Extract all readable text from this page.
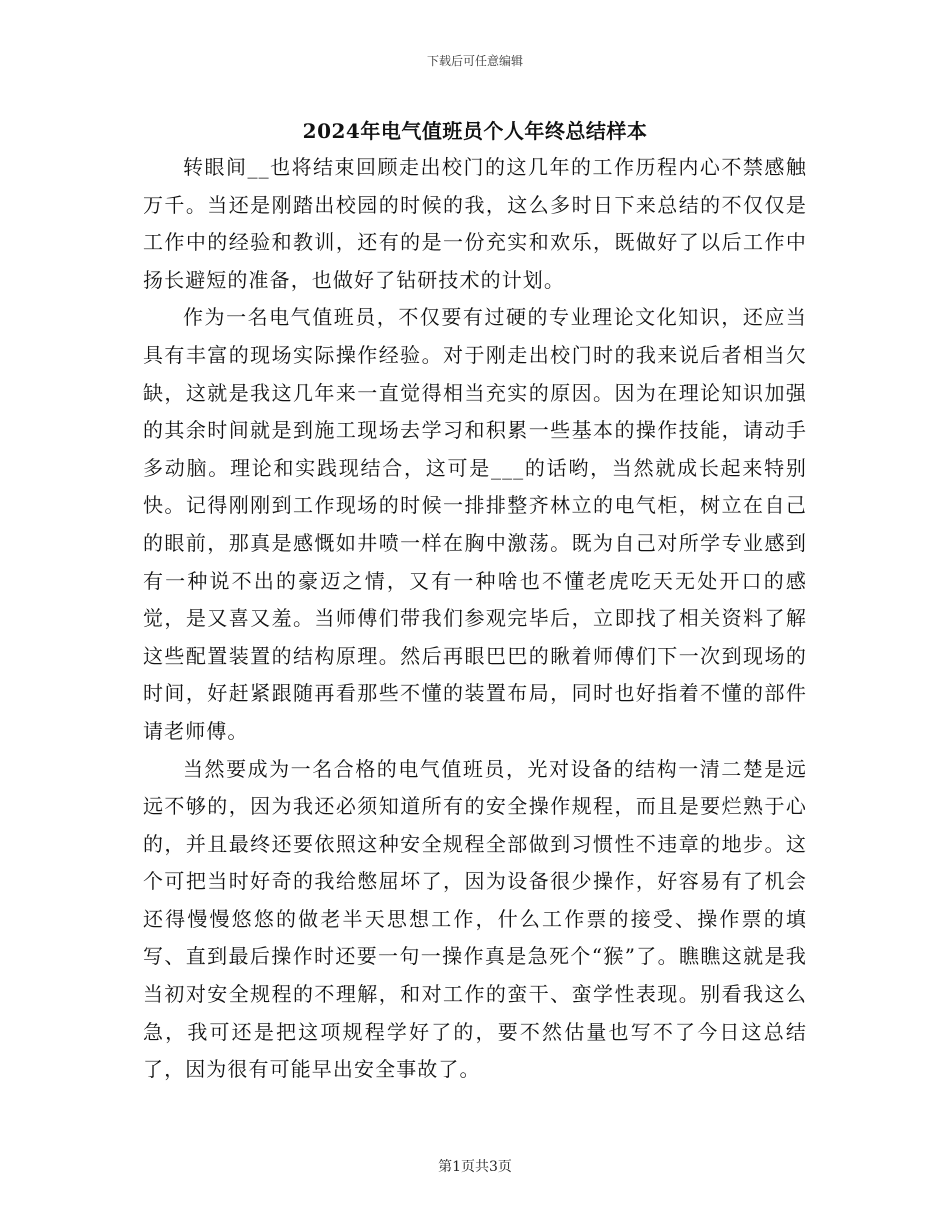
下载后可任意编辑
2024年电气值班员个人年终总结样本

转眼间__也将结束回顾走出校门的这几年的工作历程内心不禁感触万千。当还是刚踏出校园的时候的我，这么多时日下来总结的不仅仅是工作中的经验和教训，还有的是一份充实和欢乐，既做好了以后工作中扬长避短的准备，也做好了钻研技术的计划。

作为一名电气值班员，不仅要有过硬的专业理论文化知识，还应当具有丰富的现场实际操作经验。对于刚走出校门时的我来说后者相当欠缺，这就是我这几年来一直觉得相当充实的原因。因为在理论知识加强的其余时间就是到施工现场去学习和积累一些基本的操作技能，请动手多动脑。理论和实践现结合，这可是___的话哟，当然就成长起来特别快。记得刚刚到工作现场的时候一排排整齐林立的电气柜，树立在自己的眼前，那真是感慨如井喷一样在胸中激荡。既为自己对所学专业感到有一种说不出的豪迈之情，又有一种啥也不懂老虎吃天无处开口的感觉，是又喜又羞。当师傅们带我们参观完毕后，立即找了相关资料了解这些配置装置的结构原理。然后再眼巴巴的瞅着师傅们下一次到现场的时间，好赶紧跟随再看那些不懂的装置布局，同时也好指着不懂的部件请老师傅。

当然要成为一名合格的电气值班员，光对设备的结构一清二楚是远远不够的，因为我还必须知道所有的安全操作规程，而且是要烂熟于心的，并且最终还要依照这种安全规程全部做到习惯性不违章的地步。这个可把当时好奇的我给憋屈坏了，因为设备很少操作，好容易有了机会还得慢慢悠悠的做老半天思想工作，什么工作票的接受、操作票的填写、直到最后操作时还要一句一操作真是急死个“猴”了。瞧瞧这就是我当初对安全规程的不理解，和对工作的蛮干、蛮学性表现。别看我这么急，我可还是把这项规程学好了的，要不然估量也写不了今日这总结了，因为很有可能早出安全事故了。

第1页共3页
